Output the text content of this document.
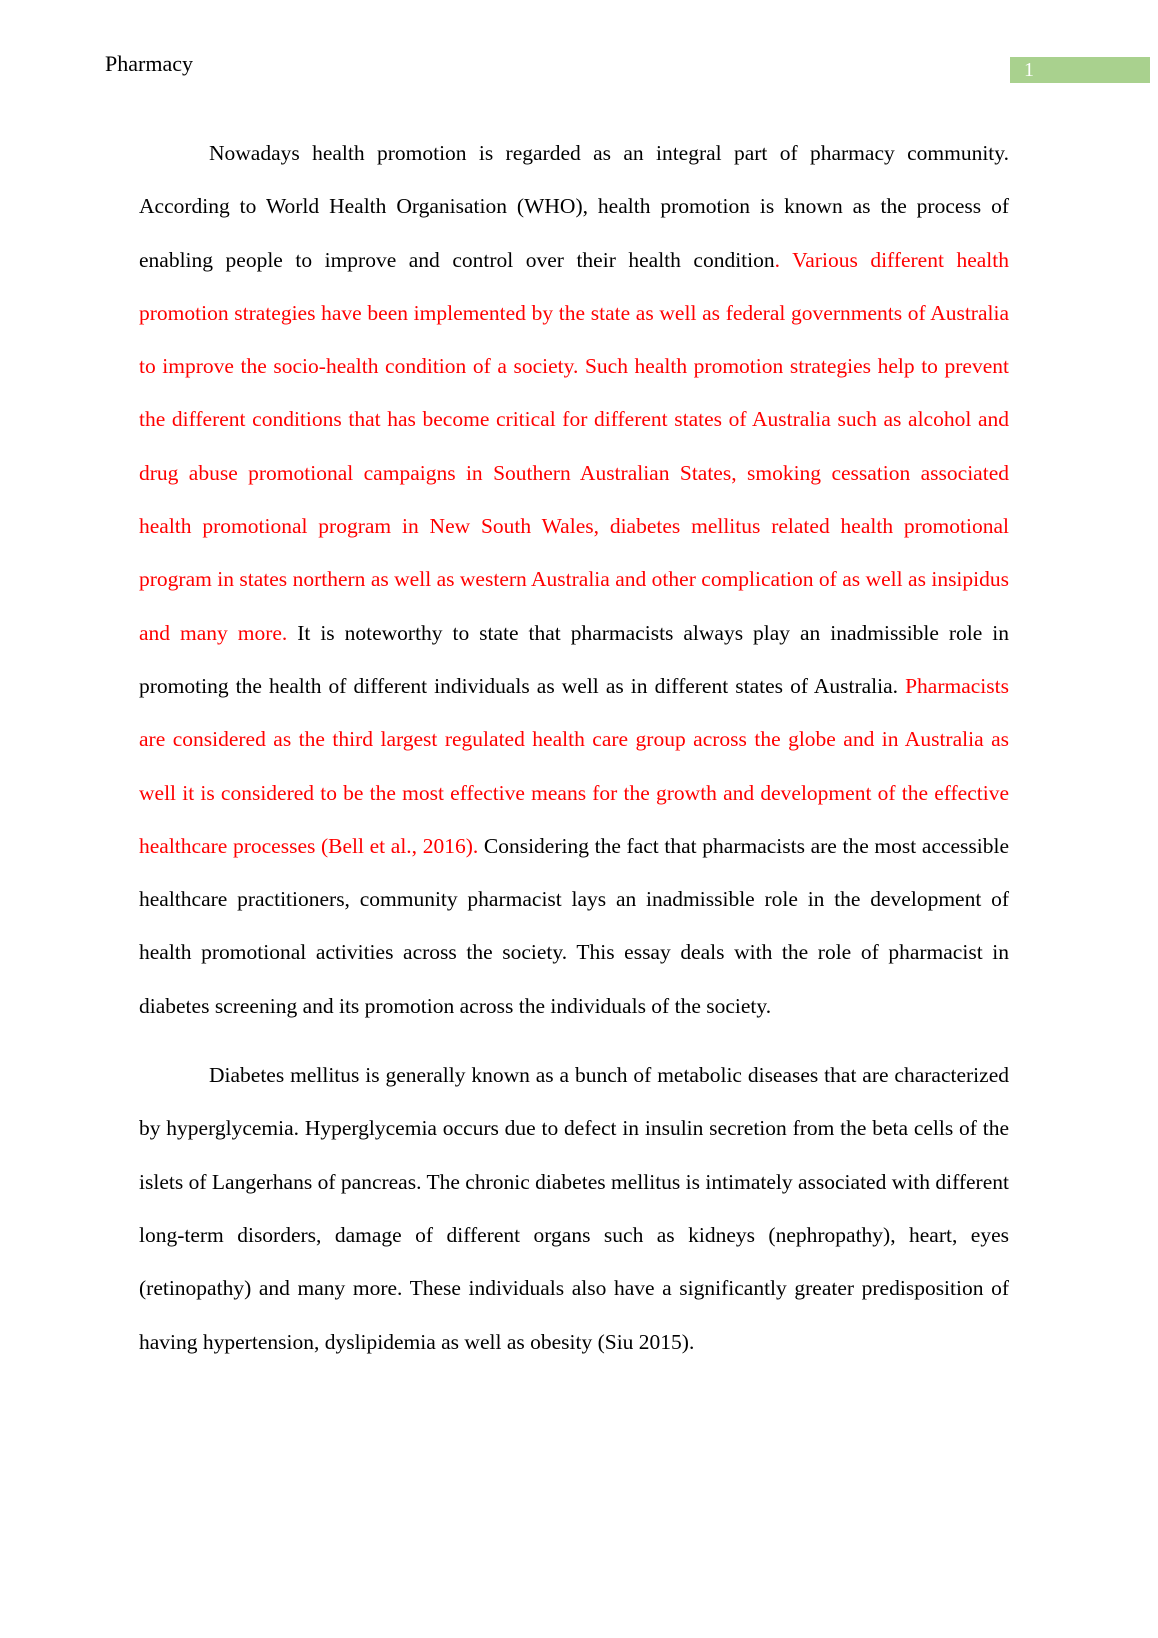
Pharmacy	1

Nowadays health promotion is regarded as an integral part of pharmacy community. According to World Health Organisation (WHO), health promotion is known as the process of enabling people to improve and control over their health condition. Various different health promotion strategies have been implemented by the state as well as federal governments of Australia to improve the socio-health condition of a society. Such health promotion strategies help to prevent the different conditions that has become critical for different states of Australia such as alcohol and drug abuse promotional campaigns in Southern Australian States, smoking cessation associated health promotional program in New South Wales, diabetes mellitus related health promotional program in states northern as well as western Australia and other complication of as well as insipidus and many more. It is noteworthy to state that pharmacists always play an inadmissible role in promoting the health of different individuals as well as in different states of Australia. Pharmacists are considered as the third largest regulated health care group across the globe and in Australia as well it is considered to be the most effective means for the growth and development of the effective healthcare processes (Bell et al., 2016). Considering the fact that pharmacists are the most accessible healthcare practitioners, community pharmacist lays an inadmissible role in the development of health promotional activities across the society. This essay deals with the role of pharmacist in diabetes screening and its promotion across the individuals of the society.

Diabetes mellitus is generally known as a bunch of metabolic diseases that are characterized by hyperglycemia. Hyperglycemia occurs due to defect in insulin secretion from the beta cells of the islets of Langerhans of pancreas. The chronic diabetes mellitus is intimately associated with different long-term disorders, damage of different organs such as kidneys (nephropathy), heart, eyes (retinopathy) and many more. These individuals also have a significantly greater predisposition of having hypertension, dyslipidemia as well as obesity (Siu 2015).
